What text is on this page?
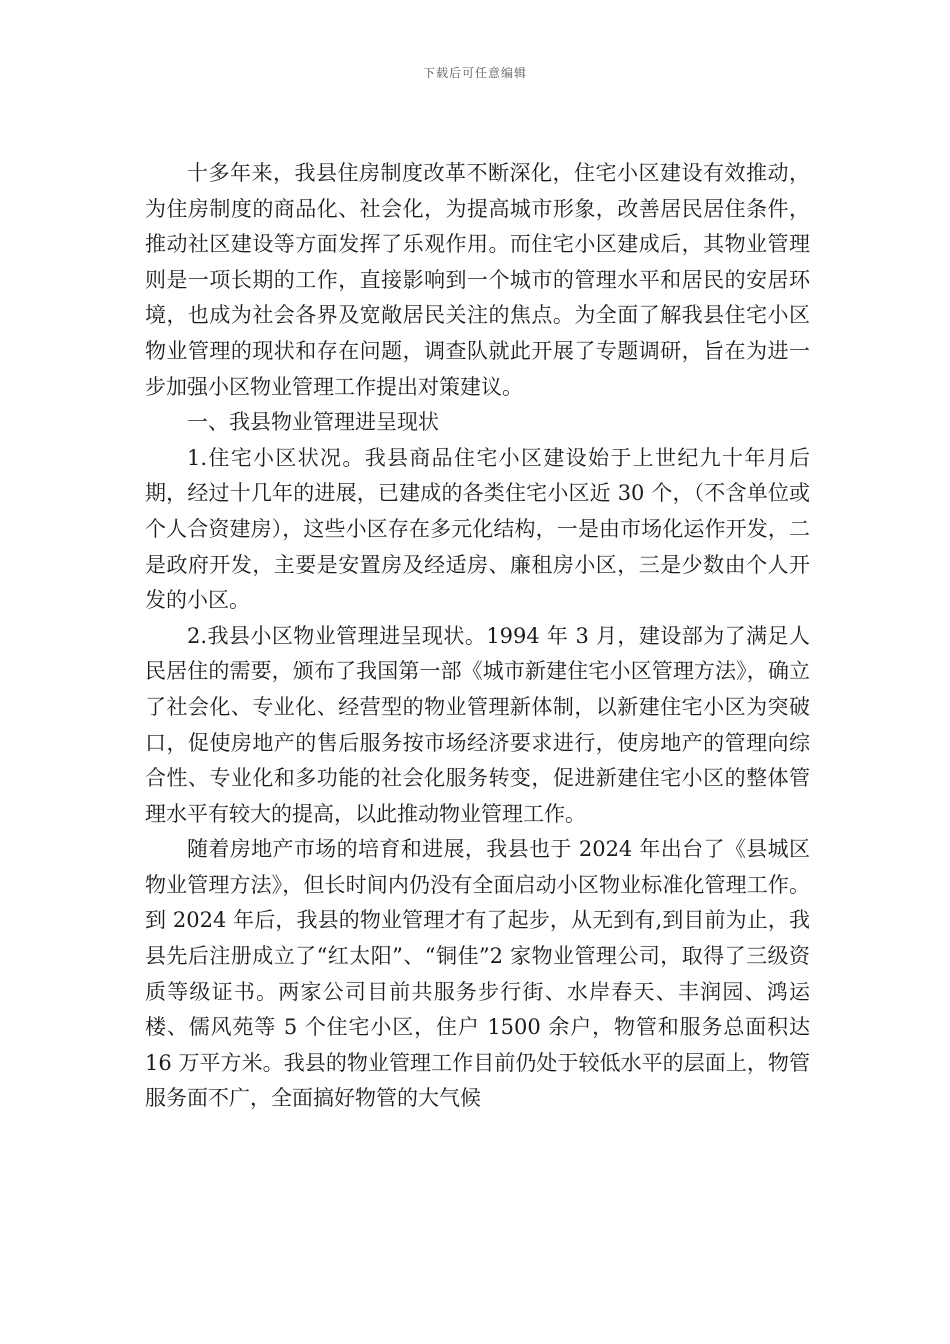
下载后可任意编辑

十多年来，我县住房制度改革不断深化，住宅小区建设有效推动，为住房制度的商品化、社会化，为提高城市形象，改善居民居住条件，推动社区建设等方面发挥了乐观作用。而住宅小区建成后，其物业管理则是一项长期的工作，直接影响到一个城市的管理水平和居民的安居环境，也成为社会各界及宽敞居民关注的焦点。为全面了解我县住宅小区物业管理的现状和存在问题，调查队就此开展了专题调研，旨在为进一步加强小区物业管理工作提出对策建议。

一、我县物业管理进呈现状

1.住宅小区状况。我县商品住宅小区建设始于上世纪九十年月后期，经过十几年的进展，已建成的各类住宅小区近 30 个，（不含单位或个人合资建房），这些小区存在多元化结构，一是由市场化运作开发，二是政府开发，主要是安置房及经适房、廉租房小区，三是少数由个人开发的小区。

2.我县小区物业管理进呈现状。1994 年 3 月，建设部为了满足人民居住的需要，颁布了我国第一部《城市新建住宅小区管理方法》，确立了社会化、专业化、经营型的物业管理新体制，以新建住宅小区为突破口，促使房地产的售后服务按市场经济要求进行，使房地产的管理向综合性、专业化和多功能的社会化服务转变，促进新建住宅小区的整体管理水平有较大的提高，以此推动物业管理工作。

随着房地产市场的培育和进展，我县也于 2024 年出台了《县城区物业管理方法》，但长时间内仍没有全面启动小区物业标准化管理工作。到 2024 年后，我县的物业管理才有了起步，从无到有,到目前为止，我县先后注册成立了“红太阳”、“铜佳”2 家物业管理公司，取得了三级资质等级证书。两家公司目前共服务步行街、水岸春天、丰润园、鸿运楼、儒风苑等 5 个住宅小区，住户 1500 余户，物管和服务总面积达 16 万平方米。我县的物业管理工作目前仍处于较低水平的层面上，物管服务面不广，全面搞好物管的大气候
